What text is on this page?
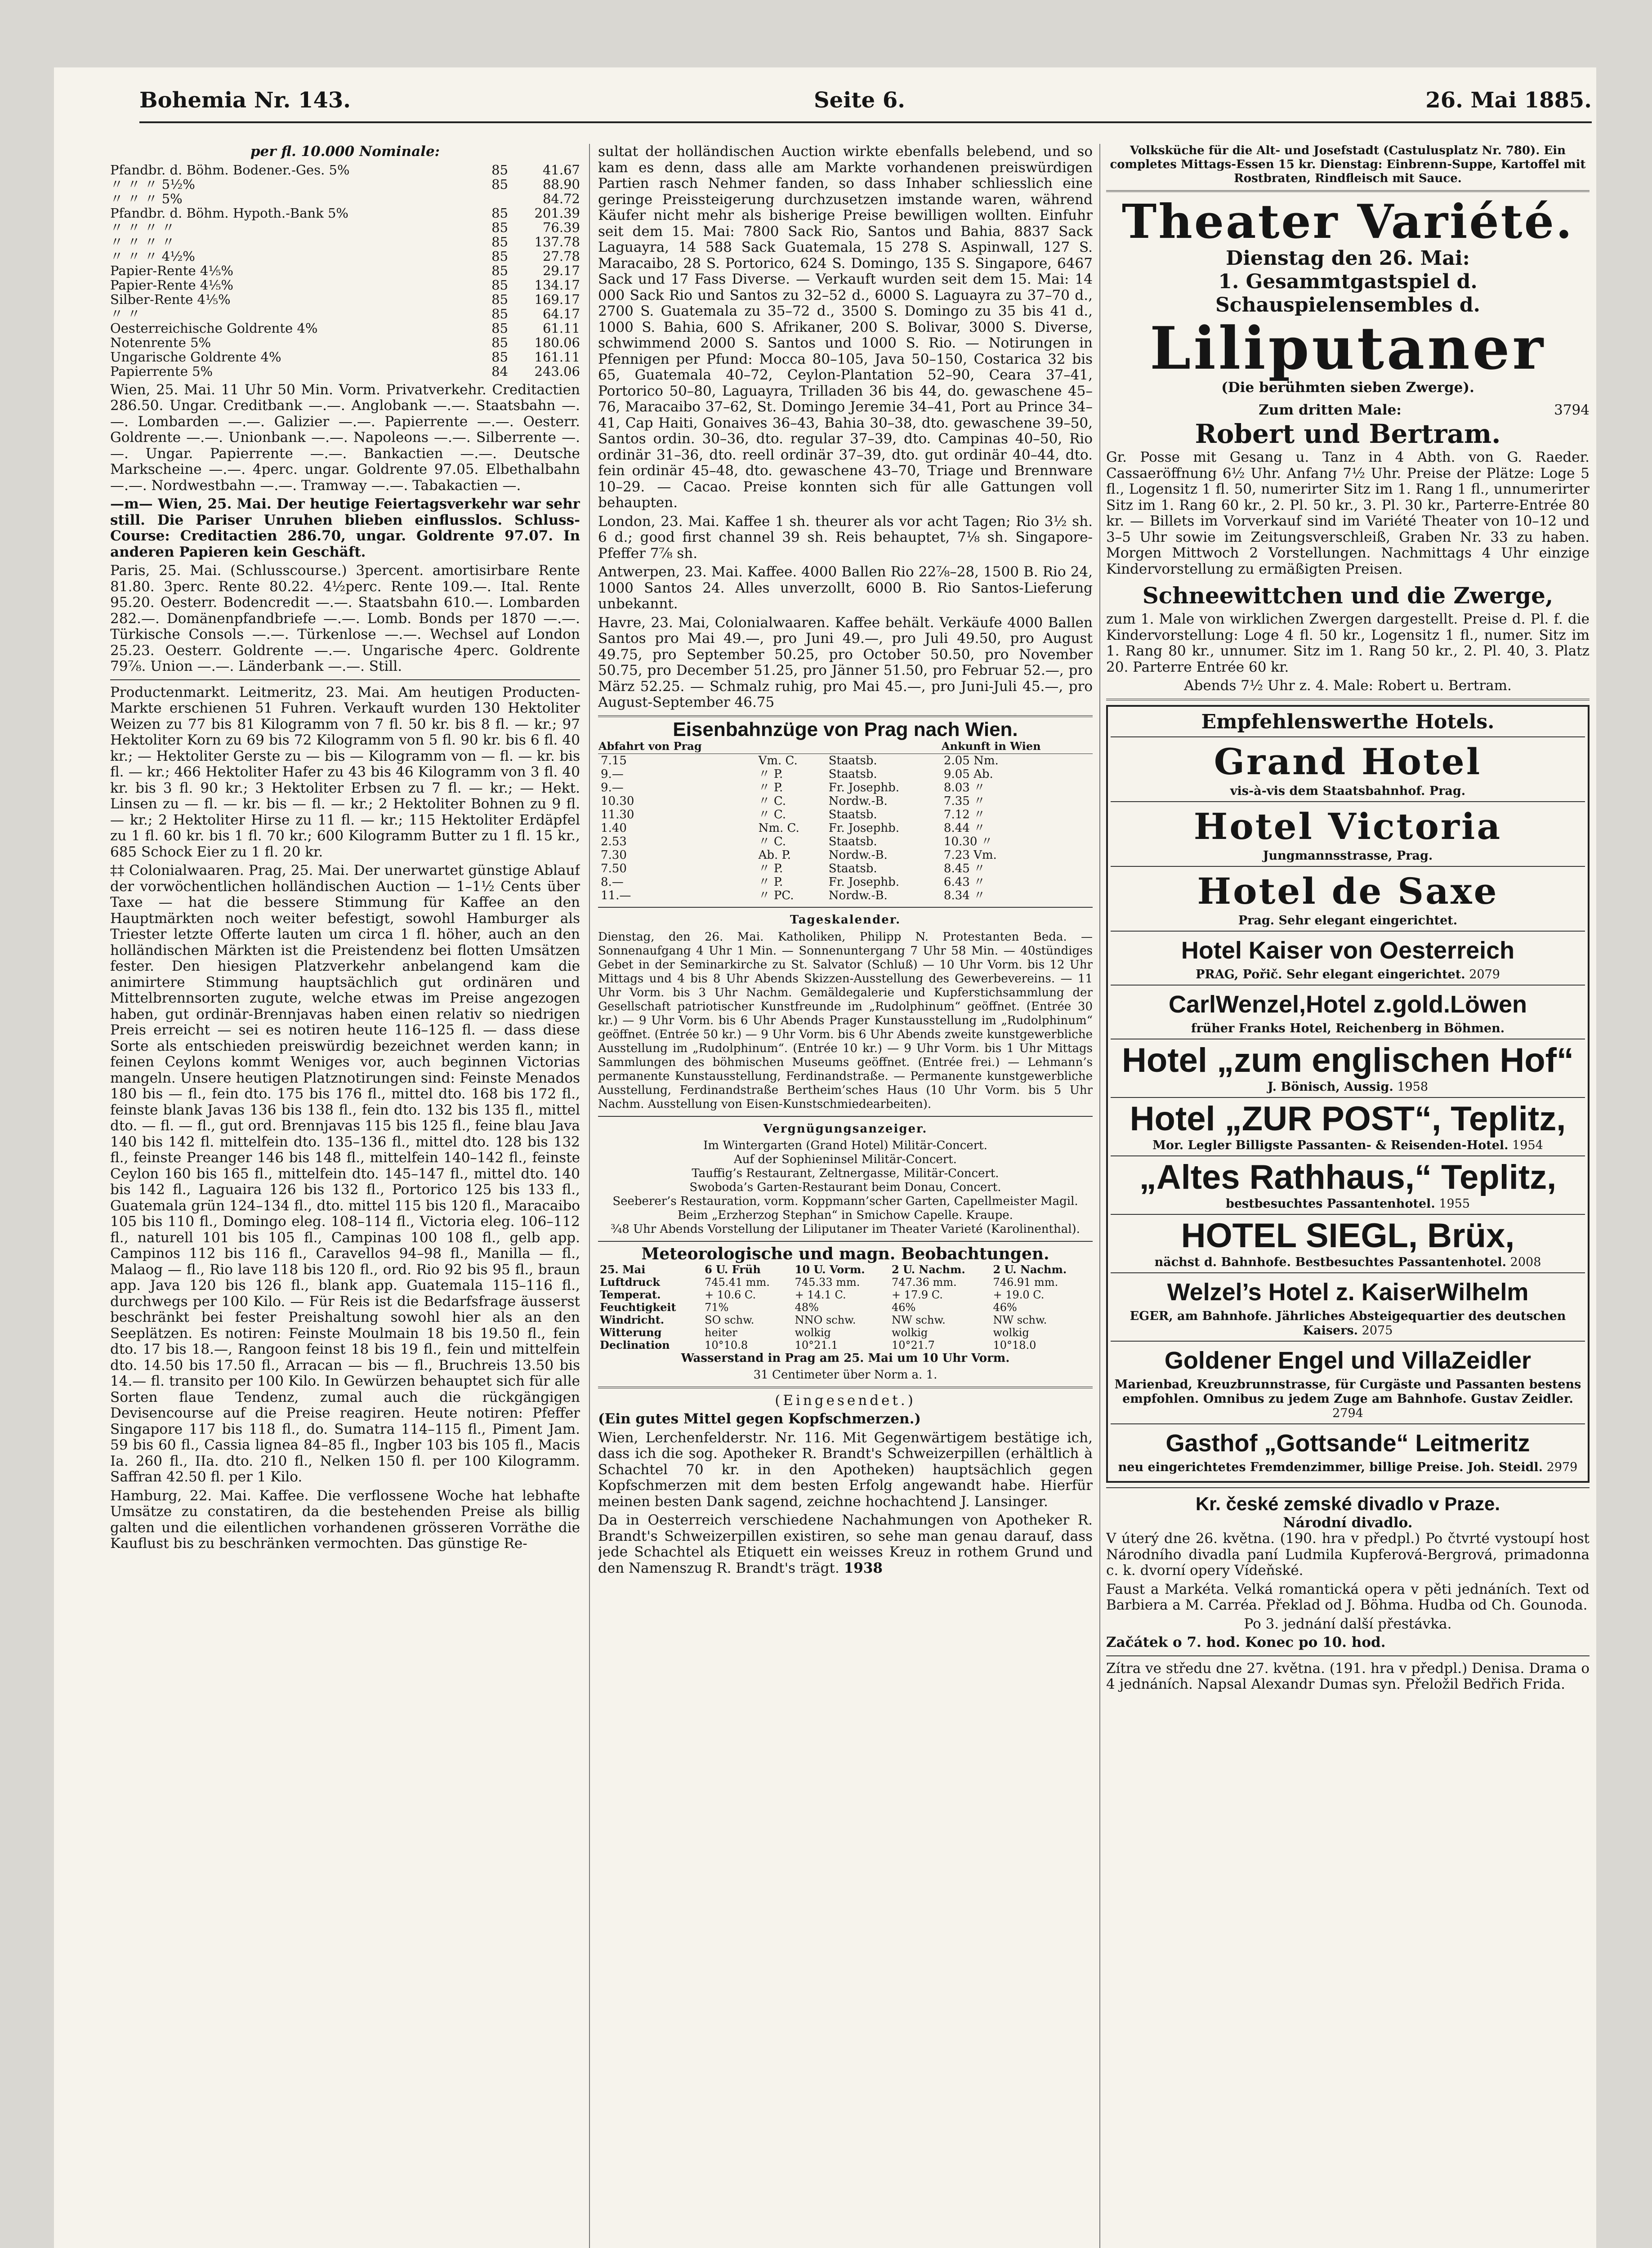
Bohemia Nr. 143.	Seite 6.	26. Mai 1885.

per fl. 10.000 Nominale:

Pfandbr. d. Böhm. Bodener.-Ges. 5%	85	41.67
〃 〃 〃 5½%	85	88.90
〃 〃 〃 5%		84.72
Pfandbr. d. Böhm. Hypoth.-Bank 5%	85	201.39
〃 〃 〃 〃	85	76.39
〃 〃 〃 〃	85	137.78
〃 〃 〃 4½%	85	27.78
Papier-Rente 4⅕%	85	29.17
Papier-Rente 4⅕%	85	134.17
Silber-Rente 4⅕%	85	169.17
〃 〃	85	64.17
Oesterreichische Goldrente 4%	85	61.11
Notenrente 5%	85	180.06
Ungarische Goldrente 4%	85	161.11
Papierrente 5%	84	243.06

Wien, 25. Mai. 11 Uhr 50 Min. Vorm. Privatverkehr. Creditactien 286.50. Ungar. Creditbank —.—. Anglobank —.—. Staatsbahn —.—. Lombarden —.—. Galizier —.—. Papierrente —.—. Oesterr. Goldrente —.—. Unionbank —.—. Napoleons —.—. Silberrente —.—. Ungar. Papierrente —.—. Bankactien —.—. Deutsche Markscheine —.—. 4perc. ungar. Goldrente 97.05. Elbethalbahn —.—. Nordwestbahn —.—. Tramway —.—. Tabakactien —.

—m— Wien, 25. Mai. Der heutige Feiertagsverkehr war sehr still. Die Pariser Unruhen blieben einflusslos. Schluss-Course: Creditactien 286.70, ungar. Goldrente 97.07. In anderen Papieren kein Geschäft.

Paris, 25. Mai. (Schlusscourse.) 3percent. amortisirbare Rente 81.80. 3perc. Rente 80.22. 4½perc. Rente 109.—. Ital. Rente 95.20. Oesterr. Bodencredit —.—. Staatsbahn 610.—. Lombarden 282.—. Domänenpfandbriefe —.—. Lomb. Bonds per 1870 —.—. Türkische Consols —.—. Türkenlose —.—. Wechsel auf London 25.23. Oesterr. Goldrente —.—. Ungarische 4perc. Goldrente 79⅞. Union —.—. Länderbank —.—. Still.

Productenmarkt. Leitmeritz, 23. Mai. Am heutigen Producten-Markte erschienen 51 Fuhren. Verkauft wurden 130 Hektoliter Weizen zu 77 bis 81 Kilogramm von 7 fl. 50 kr. bis 8 fl. — kr.; 97 Hektoliter Korn zu 69 bis 72 Kilogramm von 5 fl. 90 kr. bis 6 fl. 40 kr.; — Hektoliter Gerste zu — bis — Kilogramm von — fl. — kr. bis fl. — kr.; 466 Hektoliter Hafer zu 43 bis 46 Kilogramm von 3 fl. 40 kr. bis 3 fl. 90 kr.; 3 Hektoliter Erbsen zu 7 fl. — kr.; — Hekt. Linsen zu — fl. — kr. bis — fl. — kr.; 2 Hektoliter Bohnen zu 9 fl. — kr.; 2 Hektoliter Hirse zu 11 fl. — kr.; 115 Hektoliter Erdäpfel zu 1 fl. 60 kr. bis 1 fl. 70 kr.; 600 Kilogramm Butter zu 1 fl. 15 kr., 685 Schock Eier zu 1 fl. 20 kr.

‡‡ Colonialwaaren. Prag, 25. Mai. Der unerwartet günstige Ablauf der vorwöchentlichen holländischen Auction — 1–1½ Cents über Taxe — hat die bessere Stimmung für Kaffee an den Hauptmärkten noch weiter befestigt, sowohl Hamburger als Triester letzte Offerte lauten um circa 1 fl. höher, auch an den holländischen Märkten ist die Preistendenz bei flotten Umsätzen fester. Den hiesigen Platzverkehr anbelangend kam die animirtere Stimmung hauptsächlich gut ordinären und Mittelbrennsorten zugute, welche etwas im Preise angezogen haben, gut ordinär-Brennjavas haben einen relativ so niedrigen Preis erreicht — sei es notiren heute 116–125 fl. — dass diese Sorte als entschieden preiswürdig bezeichnet werden kann; in feinen Ceylons kommt Weniges vor, auch beginnen Victorias mangeln. Unsere heutigen Platznotirungen sind: Feinste Menados 180 bis — fl., fein dto. 175 bis 176 fl., mittel dto. 168 bis 172 fl., feinste blank Javas 136 bis 138 fl., fein dto. 132 bis 135 fl., mittel dto. — fl. — fl., gut ord. Brennjavas 115 bis 125 fl., feine blau Java 140 bis 142 fl. mittelfein dto. 135–136 fl., mittel dto. 128 bis 132 fl., feinste Preanger 146 bis 148 fl., mittelfein 140–142 fl., feinste Ceylon 160 bis 165 fl., mittelfein dto. 145–147 fl., mittel dto. 140 bis 142 fl., Laguaira 126 bis 132 fl., Portorico 125 bis 133 fl., Guatemala grün 124–134 fl., dto. mittel 115 bis 120 fl., Maracaibo 105 bis 110 fl., Domingo eleg. 108–114 fl., Victoria eleg. 106–112 fl., naturell 101 bis 105 fl., Campinas 100 108 fl., gelb app. Campinos 112 bis 116 fl., Caravellos 94–98 fl., Manilla — fl., Malaog — fl., Rio lave 118 bis 120 fl., ord. Rio 92 bis 95 fl., braun app. Java 120 bis 126 fl., blank app. Guatemala 115–116 fl., durchwegs per 100 Kilo. — Für Reis ist die Bedarfsfrage äusserst beschränkt bei fester Preishaltung sowohl hier als an den Seeplätzen. Es notiren: Feinste Moulmain 18 bis 19.50 fl., fein dto. 17 bis 18.—, Rangoon feinst 18 bis 19 fl., fein und mittelfein dto. 14.50 bis 17.50 fl., Arracan — bis — fl., Bruchreis 13.50 bis 14.— fl. transito per 100 Kilo. In Gewürzen behauptet sich für alle Sorten flaue Tendenz, zumal auch die rückgängigen Devisencourse auf die Preise reagiren. Heute notiren: Pfeffer Singapore 117 bis 118 fl., do. Sumatra 114–115 fl., Piment Jam. 59 bis 60 fl., Cassia lignea 84–85 fl., Ingber 103 bis 105 fl., Macis Ia. 260 fl., IIa. dto. 210 fl., Nelken 150 fl. per 100 Kilogramm. Saffran 42.50 fl. per 1 Kilo.

Hamburg, 22. Mai. Kaffee. Die verflossene Woche hat lebhafte Umsätze zu constatiren, da die bestehenden Preise als billig galten und die eilentlichen vorhandenen grösseren Vorräthe die Kauflust bis zu beschränken vermochten. Das günstige Re-

sultat der holländischen Auction wirkte ebenfalls belebend, und so kam es denn, dass alle am Markte vorhandenen preiswürdigen Partien rasch Nehmer fanden, so dass Inhaber schliesslich eine geringe Preissteigerung durchzusetzen imstande waren, während Käufer nicht mehr als bisherige Preise bewilligen wollten. Einfuhr seit dem 15. Mai: 7800 Sack Rio, Santos und Bahia, 8837 Sack Laguayra, 14 588 Sack Guatemala, 15 278 S. Aspinwall, 127 S. Maracaibo, 28 S. Portorico, 624 S. Domingo, 135 S. Singapore, 6467 Sack und 17 Fass Diverse. — Verkauft wurden seit dem 15. Mai: 14 000 Sack Rio und Santos zu 32–52 d., 6000 S. Laguayra zu 37–70 d., 2700 S. Guatemala zu 35–72 d., 3500 S. Domingo zu 35 bis 41 d., 1000 S. Bahia, 600 S. Afrikaner, 200 S. Bolivar, 3000 S. Diverse, schwimmend 2000 S. Santos und 1000 S. Rio. — Notirungen in Pfennigen per Pfund: Mocca 80–105, Java 50–150, Costarica 32 bis 65, Guatemala 40–72, Ceylon-Plantation 52–90, Ceara 37–41, Portorico 50–80, Laguayra, Trilladen 36 bis 44, do. gewaschene 45–76, Maracaibo 37–62, St. Domingo Jeremie 34–41, Port au Prince 34–41, Cap Haiti, Gonaives 36–43, Bahia 30–38, dto. gewaschene 39–50, Santos ordin. 30–36, dto. regular 37–39, dto. Campinas 40–50, Rio ordinär 31–36, dto. reell ordinär 37–39, dto. gut ordinär 40–44, dto. fein ordinär 45–48, dto. gewaschene 43–70, Triage und Brennware 10–29. — Cacao. Preise konnten sich für alle Gattungen voll behaupten.

London, 23. Mai. Kaffee 1 sh. theurer als vor acht Tagen; Rio 3½ sh. 6 d.; good first channel 39 sh. Reis behauptet, 7⅛ sh. Singapore-Pfeffer 7⅞ sh.

Antwerpen, 23. Mai. Kaffee. 4000 Ballen Rio 22⅞–28, 1500 B. Rio 24, 1000 Santos 24. Alles unverzollt, 6000 B. Rio Santos-Lieferung unbekannt.

Havre, 23. Mai, Colonialwaaren. Kaffee behält. Verkäufe 4000 Ballen Santos pro Mai 49.—, pro Juni 49.—, pro Juli 49.50, pro August 49.75, pro September 50.25, pro October 50.50, pro November 50.75, pro December 51.25, pro Jänner 51.50, pro Februar 52.—, pro März 52.25. — Schmalz ruhig, pro Mai 45.—, pro Juni-Juli 45.—, pro August-September 46.75

Eisenbahnzüge von Prag nach Wien.
Abfahrt von Prag			Ankunft in Wien
7.15	Vm. C.	Staatsb.	2.05 Nm.
9.—	〃 P.	Staatsb.	9.05 Ab.
9.—	〃 P.	Fr. Josephb.	8.03 〃
10.30	〃 C.	Nordw.-B.	7.35 〃
11.30	〃 C.	Staatsb.	7.12 〃
1.40	Nm. C.	Fr. Josephb.	8.44 〃
2.53	〃 C.	Staatsb.	10.30 〃
7.30	Ab. P.	Nordw.-B.	7.23 Vm.
7.50	〃 P.	Staatsb.	8.45 〃
8.—	〃 P.	Fr. Josephb.	6.43 〃
11.—	〃 PC.	Nordw.-B.	8.34 〃
Tageskalender.

Dienstag, den 26. Mai. Katholiken, Philipp N. Protestanten Beda. — Sonnenaufgang 4 Uhr 1 Min. — Sonnenuntergang 7 Uhr 58 Min. — 40stündiges Gebet in der Seminarkirche zu St. Salvator (Schluß) — 10 Uhr Vorm. bis 12 Uhr Mittags und 4 bis 8 Uhr Abends Skizzen-Ausstellung des Gewerbevereins. — 11 Uhr Vorm. bis 3 Uhr Nachm. Gemäldegalerie und Kupferstichsammlung der Gesellschaft patriotischer Kunstfreunde im „Rudolphinum“ geöffnet. (Entrée 30 kr.) — 9 Uhr Vorm. bis 6 Uhr Abends Prager Kunstausstellung im „Rudolphinum“ geöffnet. (Entrée 50 kr.) — 9 Uhr Vorm. bis 6 Uhr Abends zweite kunstgewerbliche Ausstellung im „Rudolphinum“. (Entrée 10 kr.) — 9 Uhr Vorm. bis 1 Uhr Mittags Sammlungen des böhmischen Museums geöffnet. (Entrée frei.) — Lehmann’s permanente Kunstausstellung, Ferdinandstraße. — Permanente kunstgewerbliche Ausstellung, Ferdinandstraße Bertheim’sches Haus (10 Uhr Vorm. bis 5 Uhr Nachm. Ausstellung von Eisen-Kunstschmiedearbeiten).

Vergnügungsanzeiger.
Im Wintergarten (Grand Hotel) Militär-Concert.
Auf der Sophieninsel Militär-Concert.
Tauffig’s Restaurant, Zeltnergasse, Militär-Concert.
Swoboda’s Garten-Restaurant beim Donau, Concert.
Seeberer’s Restauration, vorm. Koppmann’scher Garten, Capellmeister Magil.
Beim „Erzherzog Stephan“ in Smichow Capelle. Kraupe.
¾8 Uhr Abends Vorstellung der Liliputaner im Theater Varieté (Karolinenthal).
Meteorologische und magn. Beobachtungen.
25. Mai	6 U. Früh	10 U. Vorm.	2 U. Nachm.	2 U. Nachm.
Luftdruck	745.41 mm.	745.33 mm.	747.36 mm.	746.91 mm.
Temperat.	+ 10.6 C.	+ 14.1 C.	+ 17.9 C.	+ 19.0 C.
Feuchtigkeit	71%	48%	46%	46%
Windricht.	SO schw.	NNO schw.	NW schw.	NW schw.
Witterung	heiter	wolkig	wolkig	wolkig
Declination	10°10.8	10°21.1	10°21.7	10°18.0

Wasserstand in Prag am 25. Mai um 10 Uhr Vorm.

31 Centimeter über Norm a. 1.

(Eingesendet.)

(Ein gutes Mittel gegen Kopfschmerzen.)

Wien, Lerchenfelderstr. Nr. 116. Mit Gegenwärtigem bestätige ich, dass ich die sog. Apotheker R. Brandt's Schweizerpillen (erhältlich à Schachtel 70 kr. in den Apotheken) hauptsächlich gegen Kopfschmerzen mit dem besten Erfolg angewandt habe. Hierfür meinen besten Dank sagend, zeichne hochachtend J. Lansinger.

Da in Oesterreich verschiedene Nachahmungen von Apotheker R. Brandt's Schweizerpillen existiren, so sehe man genau darauf, dass jede Schachtel als Etiquett ein weisses Kreuz in rothem Grund und den Namenszug R. Brandt's trägt. 1938

Volksküche für die Alt- und Josefstadt (Castulusplatz Nr. 780). Ein completes Mittags-Essen 15 kr. Dienstag: Einbrenn-Suppe, Kartoffel mit Rostbraten, Rindfleisch mit Sauce.

Theater Variété.
Dienstag den 26. Mai:
1. Gesammtgastspiel d. Schauspielensembles d.
Liliputaner
(Die berühmten sieben Zwerge).
Zum dritten Male:	3794
Robert und Bertram.

Gr. Posse mit Gesang u. Tanz in 4 Abth. von G. Raeder. Cassaeröffnung 6½ Uhr. Anfang 7½ Uhr. Preise der Plätze: Loge 5 fl., Logensitz 1 fl. 50, numerirter Sitz im 1. Rang 1 fl., unnumerirter Sitz im 1. Rang 60 kr., 2. Pl. 50 kr., 3. Pl. 30 kr., Parterre-Entrée 80 kr. — Billets im Vorverkauf sind im Variété Theater von 10–12 und 3–5 Uhr sowie im Zeitungsverschleiß, Graben Nr. 33 zu haben. Morgen Mittwoch 2 Vorstellungen. Nachmittags 4 Uhr einzige Kindervorstellung zu ermäßigten Preisen.

Schneewittchen und die Zwerge,

zum 1. Male von wirklichen Zwergen dargestellt. Preise d. Pl. f. die Kindervorstellung: Loge 4 fl. 50 kr., Logensitz 1 fl., numer. Sitz im 1. Rang 80 kr., unnumer. Sitz im 1. Rang 50 kr., 2. Pl. 40, 3. Platz 20. Parterre Entrée 60 kr.

Abends 7½ Uhr z. 4. Male: Robert u. Bertram.

Empfehlenswerthe Hotels.
Grand Hotel
vis-à-vis dem Staatsbahnhof. Prag.
Hotel Victoria
Jungmannsstrasse, Prag.
Hotel de Saxe
Prag. Sehr elegant eingerichtet.
Hotel Kaiser von Oesterreich
PRAG, Pořič. Sehr elegant eingerichtet. 2079
CarlWenzel,Hotel z.gold.Löwen
früher Franks Hotel, Reichenberg in Böhmen.
Hotel „zum englischen Hof“
J. Bönisch, Aussig. 1958
Hotel „ZUR POST“, Teplitz,
Mor. Legler Billigste Passanten- & Reisenden-Hotel. 1954
„Altes Rathhaus,“ Teplitz,
bestbesuchtes Passantenhotel. 1955
HOTEL SIEGL, Brüx,
nächst d. Bahnhofe. Bestbesuchtes Passantenhotel. 2008
Welzel’s Hotel z. KaiserWilhelm
EGER, am Bahnhofe. Jährliches Absteigequartier des deutschen Kaisers. 2075
Goldener Engel und VillaZeidler
Marienbad, Kreuzbrunnstrasse, für Curgäste und Passanten bestens empfohlen. Omnibus zu jedem Zuge am Bahnhofe. Gustav Zeidler. 2794
Gasthof „Gottsande“ Leitmeritz
neu eingerichtetes Fremdenzimmer, billige Preise. Joh. Steidl. 2979
Kr. české zemské divadlo v Praze.
Národní divadlo.

V úterý dne 26. května. (190. hra v předpl.) Po čtvrté vystoupí host Národního divadla paní Ludmila Kupferová-Bergrová, primadonna c. k. dvorní opery Vídeňské.

Faust a Markéta. Velká romantická opera v pěti jednáních. Text od Barbiera a M. Carréa. Překlad od J. Böhma. Hudba od Ch. Gounoda.

Po 3. jednání další přestávka.

Začátek o 7. hod. Konec po 10. hod.

Zítra ve středu dne 27. května. (191. hra v předpl.) Denisa. Drama o 4 jednáních. Napsal Alexandr Dumas syn. Přeložil Bedřich Frida.
